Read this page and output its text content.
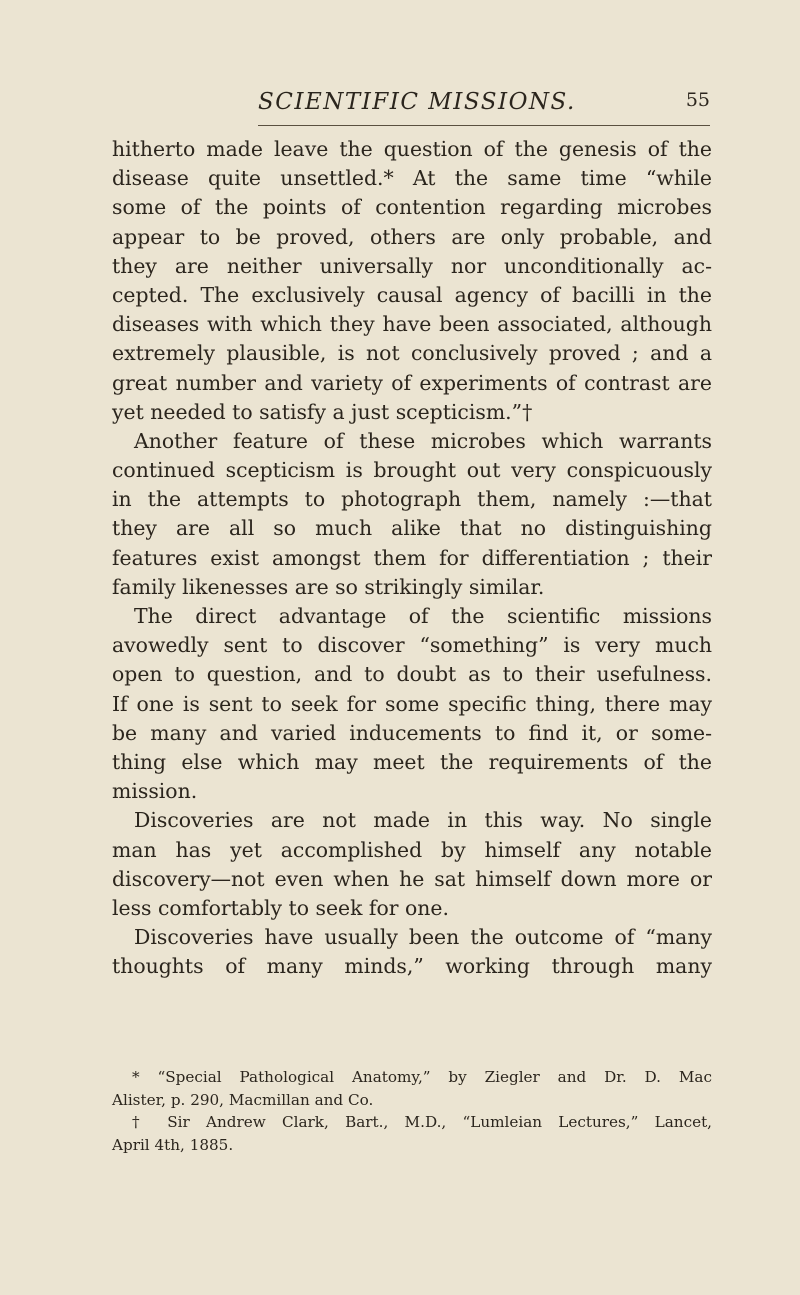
SCIENTIFIC MISSIONS.	55
hitherto made leave the question of the genesis of the
disease quite unsettled.* At the same time “while
some of the points of contention regarding microbes
appear to be proved, others are only probable, and
they are neither universally nor unconditionally ac-
cepted. The exclusively causal agency of bacilli in the
diseases with which they have been associated, although
extremely plausible, is not conclusively proved ; and a
great number and variety of experiments of contrast are
yet needed to satisfy a just scepticism.”†
Another feature of these microbes which warrants
continued scepticism is brought out very conspicuously
in the attempts to photograph them, namely :—that
they are all so much alike that no distinguishing
features exist amongst them for differentiation ; their
family likenesses are so strikingly similar.
The direct advantage of the scientific missions
avowedly sent to discover “something” is very much
open to question, and to doubt as to their usefulness.
If one is sent to seek for some specific thing, there may
be many and varied inducements to find it, or some-
thing else which may meet the requirements of the
mission.
Discoveries are not made in this way. No single
man has yet accomplished by himself any notable
discovery—not even when he sat himself down more or
less comfortably to seek for one.
Discoveries have usually been the outcome of “many
thoughts of many minds,” working through many
* “Special Pathological Anatomy,” by Ziegler and Dr. D. Mac
Alister, p. 290, Macmillan and Co.
† Sir Andrew Clark, Bart., M.D., “Lumleian Lectures,” Lancet,
April 4th, 1885.
